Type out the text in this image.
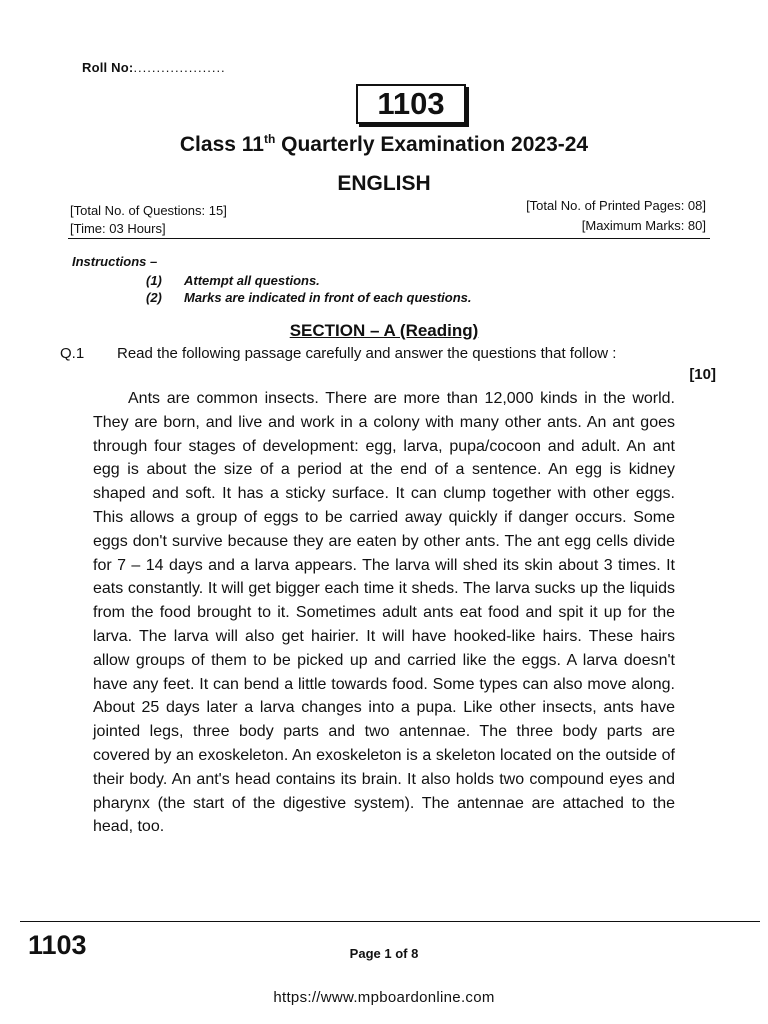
Roll No:....................
1103
Class 11th Quarterly Examination 2023-24
ENGLISH
[Total No. of Questions: 15]
[Time: 03 Hours]
[Total No. of Printed Pages: 08]
[Maximum Marks: 80]
Instructions –
(1) Attempt all questions.
(2) Marks are indicated in front of each questions.
SECTION – A (Reading)
Q.1 Read the following passage carefully and answer the questions that follow :
[10]

Ants are common insects. There are more than 12,000 kinds in the world. They are born, and live and work in a colony with many other ants. An ant goes through four stages of development: egg, larva, pupa/cocoon and adult. An ant egg is about the size of a period at the end of a sentence. An egg is kidney shaped and soft. It has a sticky surface. It can clump together with other eggs. This allows a group of eggs to be carried away quickly if danger occurs. Some eggs don't survive because they are eaten by other ants. The ant egg cells divide for 7 – 14 days and a larva appears. The larva will shed its skin about 3 times. It eats constantly. It will get bigger each time it sheds. The larva sucks up the liquids from the food brought to it. Sometimes adult ants eat food and spit it up for the larva. The larva will also get hairier. It will have hooked-like hairs. These hairs allow groups of them to be picked up and carried like the eggs. A larva doesn't have any feet. It can bend a little towards food. Some types can also move along. About 25 days later a larva changes into a pupa. Like other insects, ants have jointed legs, three body parts and two antennae. The three body parts are covered by an exoskeleton. An exoskeleton is a skeleton located on the outside of their body. An ant's head contains its brain. It also holds two compound eyes and pharynx (the start of the digestive system). The antennae are attached to the head, too.

1103	Page 1 of 8
https://www.mpboardonline.com
